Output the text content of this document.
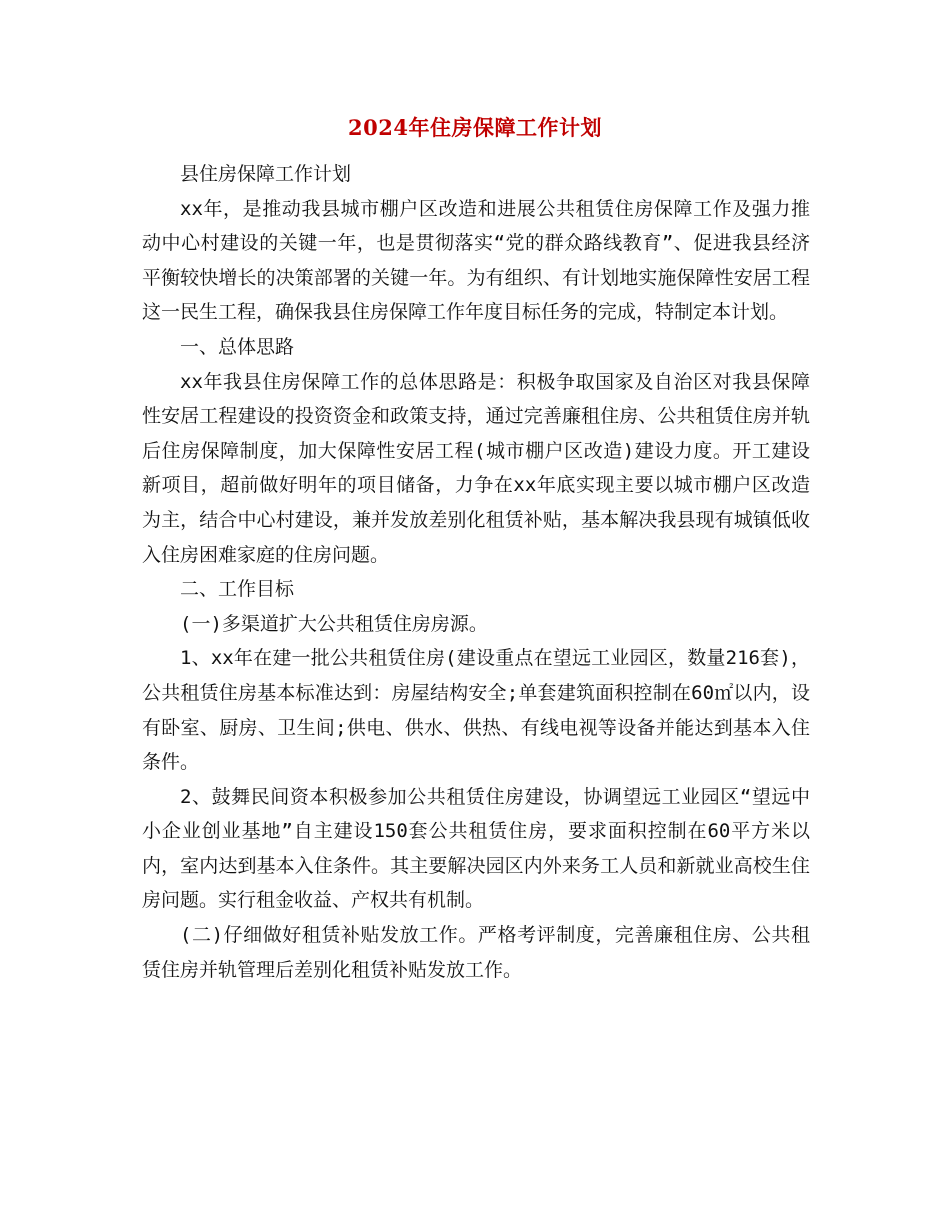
2024年住房保障工作计划

县住房保障工作计划

xx年，是推动我县城市棚户区改造和进展公共租赁住房保障工作及强力推动中心村建设的关键一年，也是贯彻落实“党的群众路线教育”、促进我县经济平衡较快增长的决策部署的关键一年。为有组织、有计划地实施保障性安居工程这一民生工程，确保我县住房保障工作年度目标任务的完成，特制定本计划。

一、总体思路

xx年我县住房保障工作的总体思路是：积极争取国家及自治区对我县保障性安居工程建设的投资资金和政策支持，通过完善廉租住房、公共租赁住房并轨后住房保障制度，加大保障性安居工程(城市棚户区改造)建设力度。开工建设新项目，超前做好明年的项目储备，力争在xx年底实现主要以城市棚户区改造为主，结合中心村建设，兼并发放差别化租赁补贴，基本解决我县现有城镇低收入住房困难家庭的住房问题。

二、工作目标

(一)多渠道扩大公共租赁住房房源。

1、xx年在建一批公共租赁住房(建设重点在望远工业园区，数量216套)，公共租赁住房基本标准达到：房屋结构安全;单套建筑面积控制在60㎡以内，设有卧室、厨房、卫生间;供电、供水、供热、有线电视等设备并能达到基本入住条件。

2、鼓舞民间资本积极参加公共租赁住房建设，协调望远工业园区“望远中小企业创业基地”自主建设150套公共租赁住房，要求面积控制在60平方米以内，室内达到基本入住条件。其主要解决园区内外来务工人员和新就业高校生住房问题。实行租金收益、产权共有机制。

(二)仔细做好租赁补贴发放工作。严格考评制度，完善廉租住房、公共租赁住房并轨管理后差别化租赁补贴发放工作。
